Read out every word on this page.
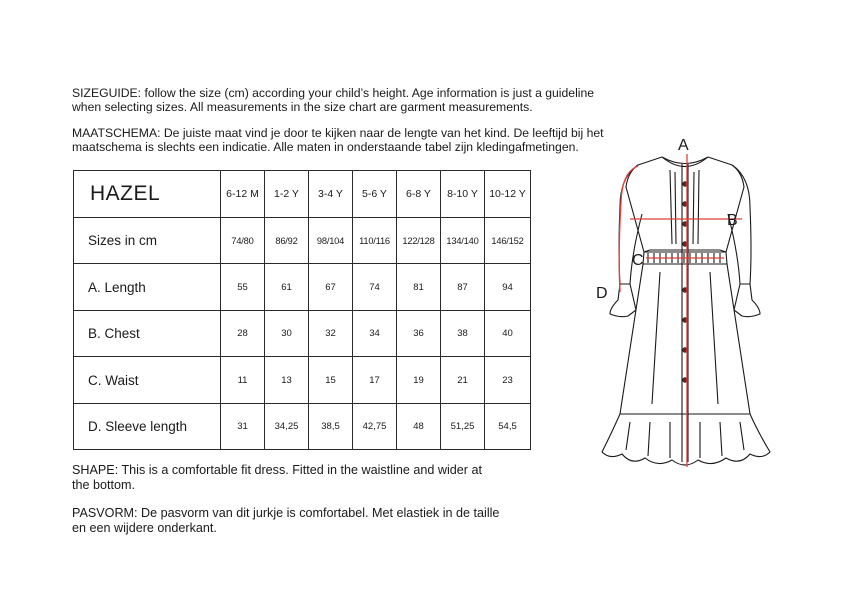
SIZEGUIDE: follow the size (cm) according your child’s height. Age information is just a guideline
when selecting sizes. All measurements in the size chart are garment measurements.

MAATSCHEMA: De juiste maat vind je door te kijken naar de lengte van het kind. De leeftijd bij het
maatschema is slechts een indicatie. Alle maten in onderstaande tabel zijn kledingafmetingen.

HAZEL	6-12 M	1-2 Y	3-4 Y	5-6 Y	6-8 Y	8-10 Y	10-12 Y
Sizes in cm	74/80	86/92	98/104	110/116	122/128	134/140	146/152
A. Length	55	61	67	74	81	87	94
B. Chest	28	30	32	34	36	38	40
C. Waist	11	13	15	17	19	21	23
D. Sleeve length	31	34,25	38,5	42,75	48	51,25	54,5

SHAPE: This is a comfortable fit dress. Fitted in the waistline and wider at
the bottom.

PASVORM: De pasvorm van dit jurkje is comfortabel. Met elastiek in de taille
en een wijdere onderkant.

A
B
C
D
